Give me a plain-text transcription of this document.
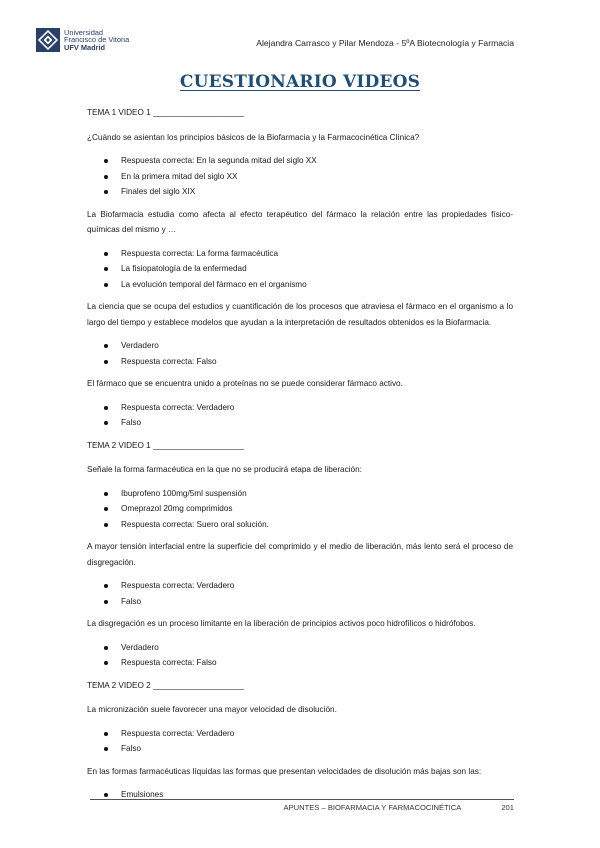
Universidad
Francisco de Vitoria
UFV Madrid	Alejandra Carrasco y Pilar Mendoza - 5ºA Biotecnología y Farmacia
CUESTIONARIO VIDEOS
TEMA 1 VIDEO 1 ____________________
¿Cuándo se asientan los principios básicos de la Biofarmacia y la Farmacocinética Clínica?
Respuesta correcta: En la segunda mitad del siglo XX
En la primera mitad del siglo XX
Finales del siglo XIX
La Biofarmacia estudia como afecta al efecto terapéutico del fármaco la relación entre las propiedades físico-químicas del mismo y …
Respuesta correcta: La forma farmacéutica
La fisiopatología de la enfermedad
La evolución temporal del fármaco en el organismo
La ciencia que se ocupa del estudios y cuantificación de los procesos que atraviesa el fármaco en el organismo a lo largo del tiempo y establece modelos que ayudan a la interpretación de resultados obtenidos es la Biofarmacia.
Verdadero
Respuesta correcta: Falso
El fármaco que se encuentra unido a proteínas no se puede considerar fármaco activo.
Respuesta correcta: Verdadero
Falso
TEMA 2 VIDEO 1 ____________________
Señale la forma farmacéutica en la que no se producirá etapa de liberación:
Ibuprofeno 100mg/5ml suspensión
Omeprazol 20mg comprimidos
Respuesta correcta: Suero oral solución.
A mayor tensión interfacial entre la superficie del comprimido y el medio de liberación, más lento será el proceso de disgregación.
Respuesta correcta: Verdadero
Falso
La disgregación es un proceso limitante en la liberación de principios activos poco hidrofílicos o hidrófobos.
Verdadero
Respuesta correcta: Falso
TEMA 2 VIDEO 2 ____________________
La micronización suele favorecer una mayor velocidad de disolución.
Respuesta correcta: Verdadero
Falso
En las formas farmacéuticas líquidas las formas que presentan velocidades de disolución más bajas son las:
Emulsiones
APUNTES – BIOFARMACIA Y FARMACOCINÉTICA	201
